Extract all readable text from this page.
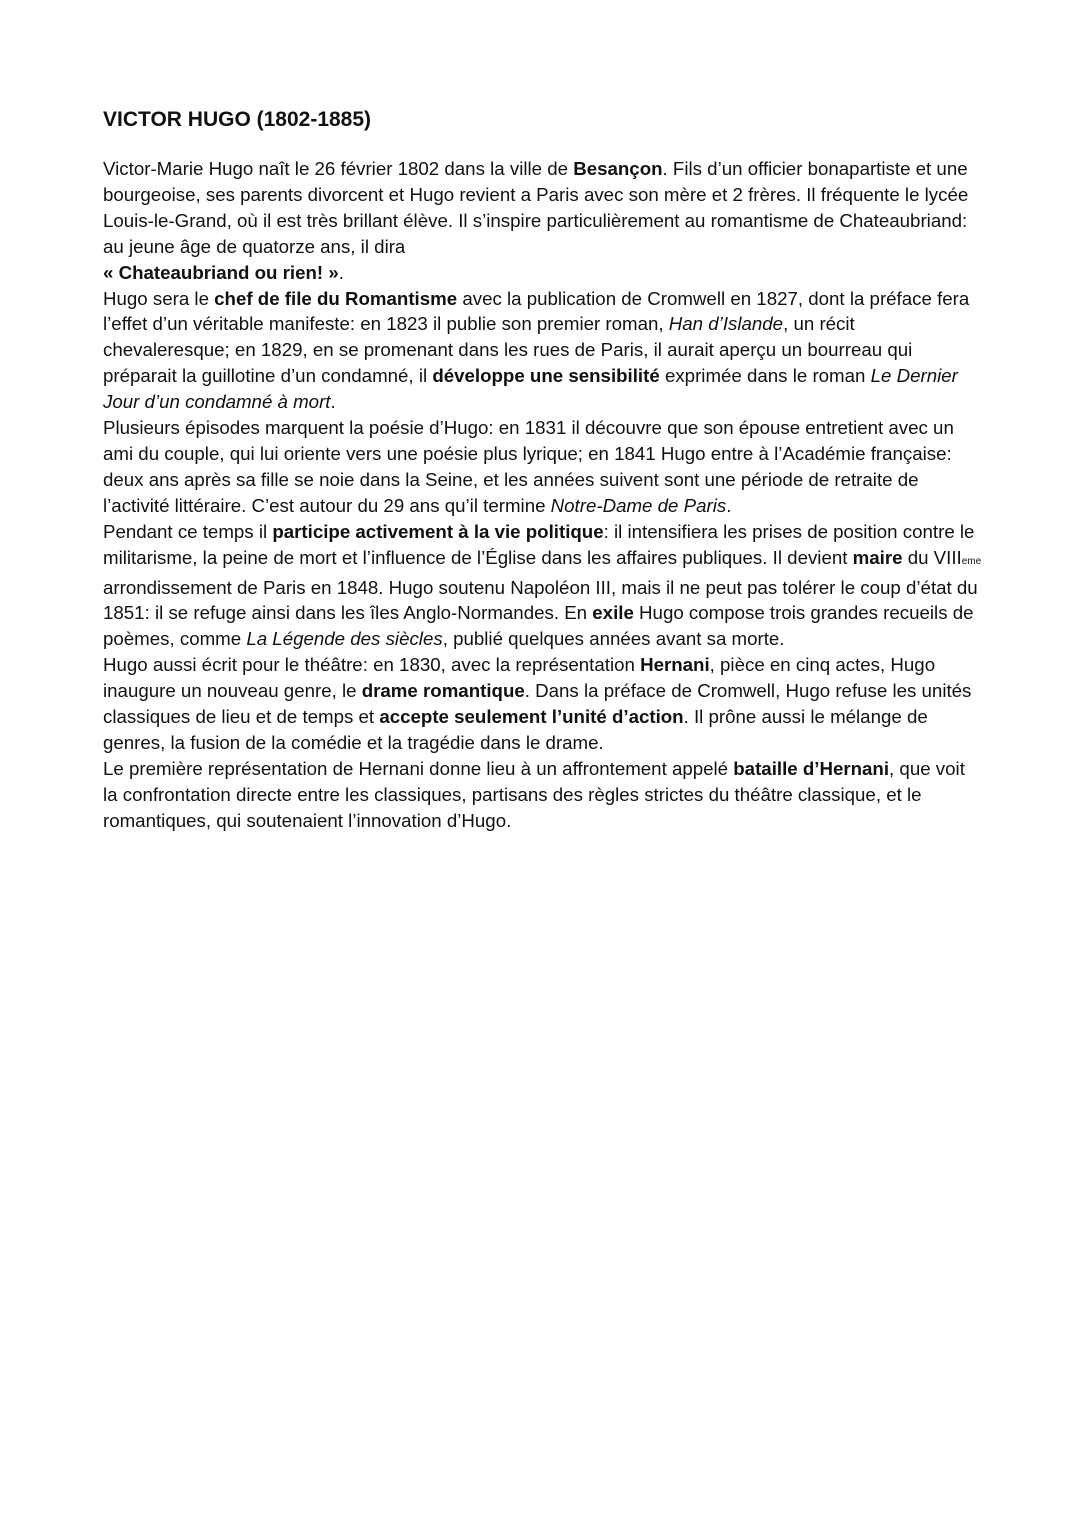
VICTOR HUGO (1802-1885)

Victor-Marie Hugo naît le 26 février 1802 dans la ville de Besançon. Fils d’un officier bonapartiste et une bourgeoise, ses parents divorcent et Hugo revient a Paris avec son mère et 2 frères. Il fréquente le lycée Louis-le-Grand, où il est très brillant élève. Il s’inspire particulièrement au romantisme de Chateaubriand: au jeune âge de quatorze ans, il dira
« Chateaubriand ou rien! ».

Hugo sera le chef de file du Romantisme avec la publication de Cromwell en 1827, dont la préface fera l’effet d’un véritable manifeste: en 1823 il publie son premier roman, Han d’Islande, un récit chevaleresque; en 1829, en se promenant dans les rues de Paris, il aurait aperçu un bourreau qui préparait la guillotine d’un condamné, il développe une sensibilité exprimée dans le roman Le Dernier Jour d’un condamné à mort.

Plusieurs épisodes marquent la poésie d’Hugo: en 1831 il découvre que son épouse entretient avec un ami du couple, qui lui oriente vers une poésie plus lyrique; en 1841 Hugo entre à l’Académie française: deux ans après sa fille se noie dans la Seine, et les années suivent sont une période de retraite de l’activité littéraire. C’est autour du 29 ans qu’il termine Notre-Dame de Paris.

Pendant ce temps il participe activement à la vie politique: il intensifiera les prises de position contre le militarisme, la peine de mort et l’influence de l’Église dans les affaires publiques. Il devient maire du VIIIeme arrondissement de Paris en 1848. Hugo soutenu Napoléon III, mais il ne peut pas tolérer le coup d’état du 1851: il se refuge ainsi dans les îles Anglo-Normandes. En exile Hugo compose trois grandes recueils de poèmes, comme La Légende des siècles, publié quelques années avant sa morte.

Hugo aussi écrit pour le théâtre: en 1830, avec la représentation Hernani, pièce en cinq actes, Hugo inaugure un nouveau genre, le drame romantique. Dans la préface de Cromwell, Hugo refuse les unités classiques de lieu et de temps et accepte seulement l’unité d’action. Il prône aussi le mélange de genres, la fusion de la comédie et la tragédie dans le drame.

Le première représentation de Hernani donne lieu à un affrontement appelé bataille d’Hernani, que voit la confrontation directe entre les classiques, partisans des règles strictes du théâtre classique, et le romantiques, qui soutenaient l’innovation d’Hugo.
